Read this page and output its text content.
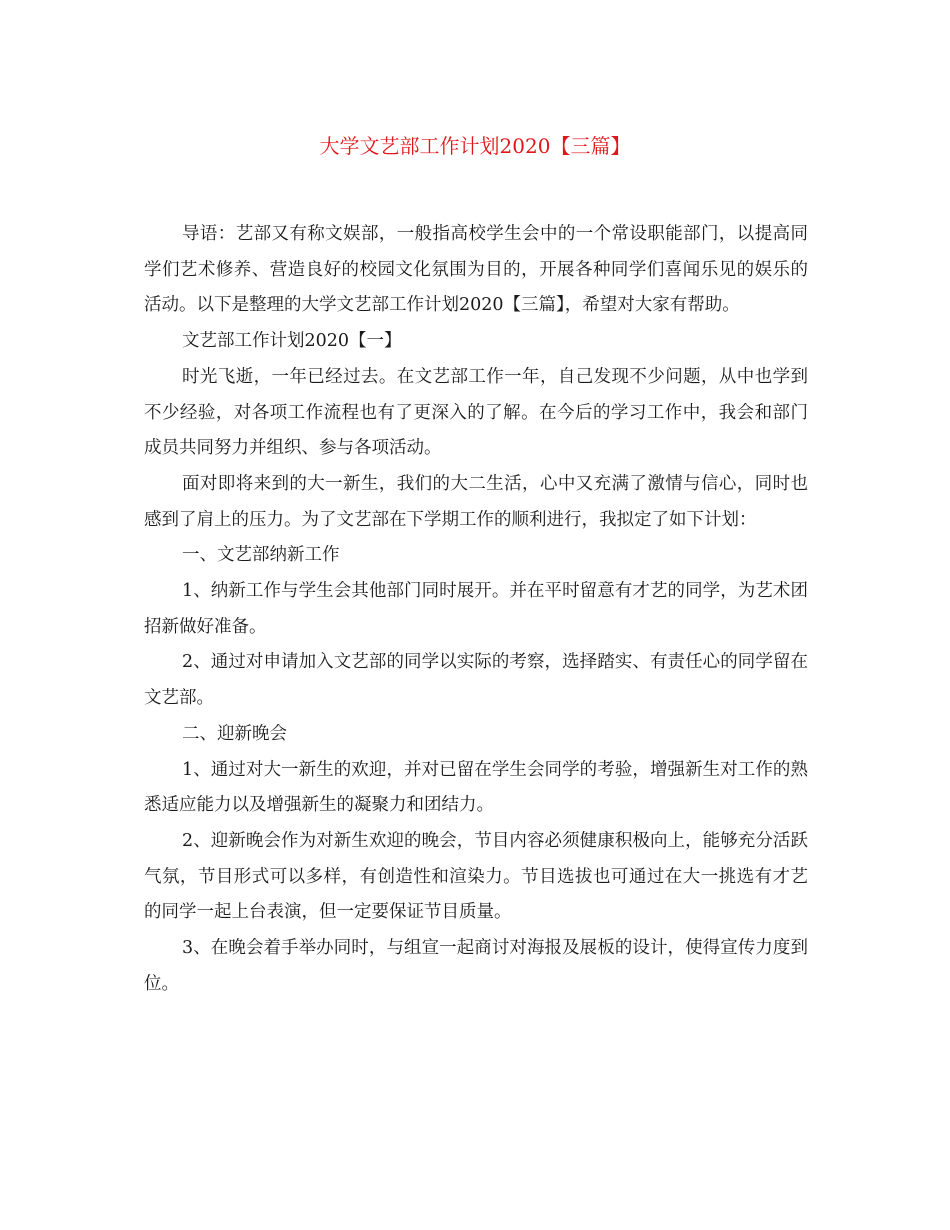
大学文艺部工作计划2020【三篇】

导语：艺部又有称文娱部，一般指高校学生会中的一个常设职能部门，以提高同学们艺术修养、营造良好的校园文化氛围为目的，开展各种同学们喜闻乐见的娱乐的活动。以下是整理的大学文艺部工作计划2020【三篇】，希望对大家有帮助。

文艺部工作计划2020【一】

时光飞逝，一年已经过去。在文艺部工作一年，自己发现不少问题，从中也学到不少经验，对各项工作流程也有了更深入的了解。在今后的学习工作中，我会和部门成员共同努力并组织、参与各项活动。

面对即将来到的大一新生，我们的大二生活，心中又充满了激情与信心，同时也感到了肩上的压力。为了文艺部在下学期工作的顺利进行，我拟定了如下计划：

一、文艺部纳新工作

1、纳新工作与学生会其他部门同时展开。并在平时留意有才艺的同学，为艺术团招新做好准备。

2、通过对申请加入文艺部的同学以实际的考察，选择踏实、有责任心的同学留在文艺部。

二、迎新晚会

1、通过对大一新生的欢迎，并对已留在学生会同学的考验，增强新生对工作的熟悉适应能力以及增强新生的凝聚力和团结力。

2、迎新晚会作为对新生欢迎的晚会，节目内容必须健康积极向上，能够充分活跃气氛，节目形式可以多样，有创造性和渲染力。节目选拔也可通过在大一挑选有才艺的同学一起上台表演，但一定要保证节目质量。

3、在晚会着手举办同时，与组宣一起商讨对海报及展板的设计，使得宣传力度到位。
